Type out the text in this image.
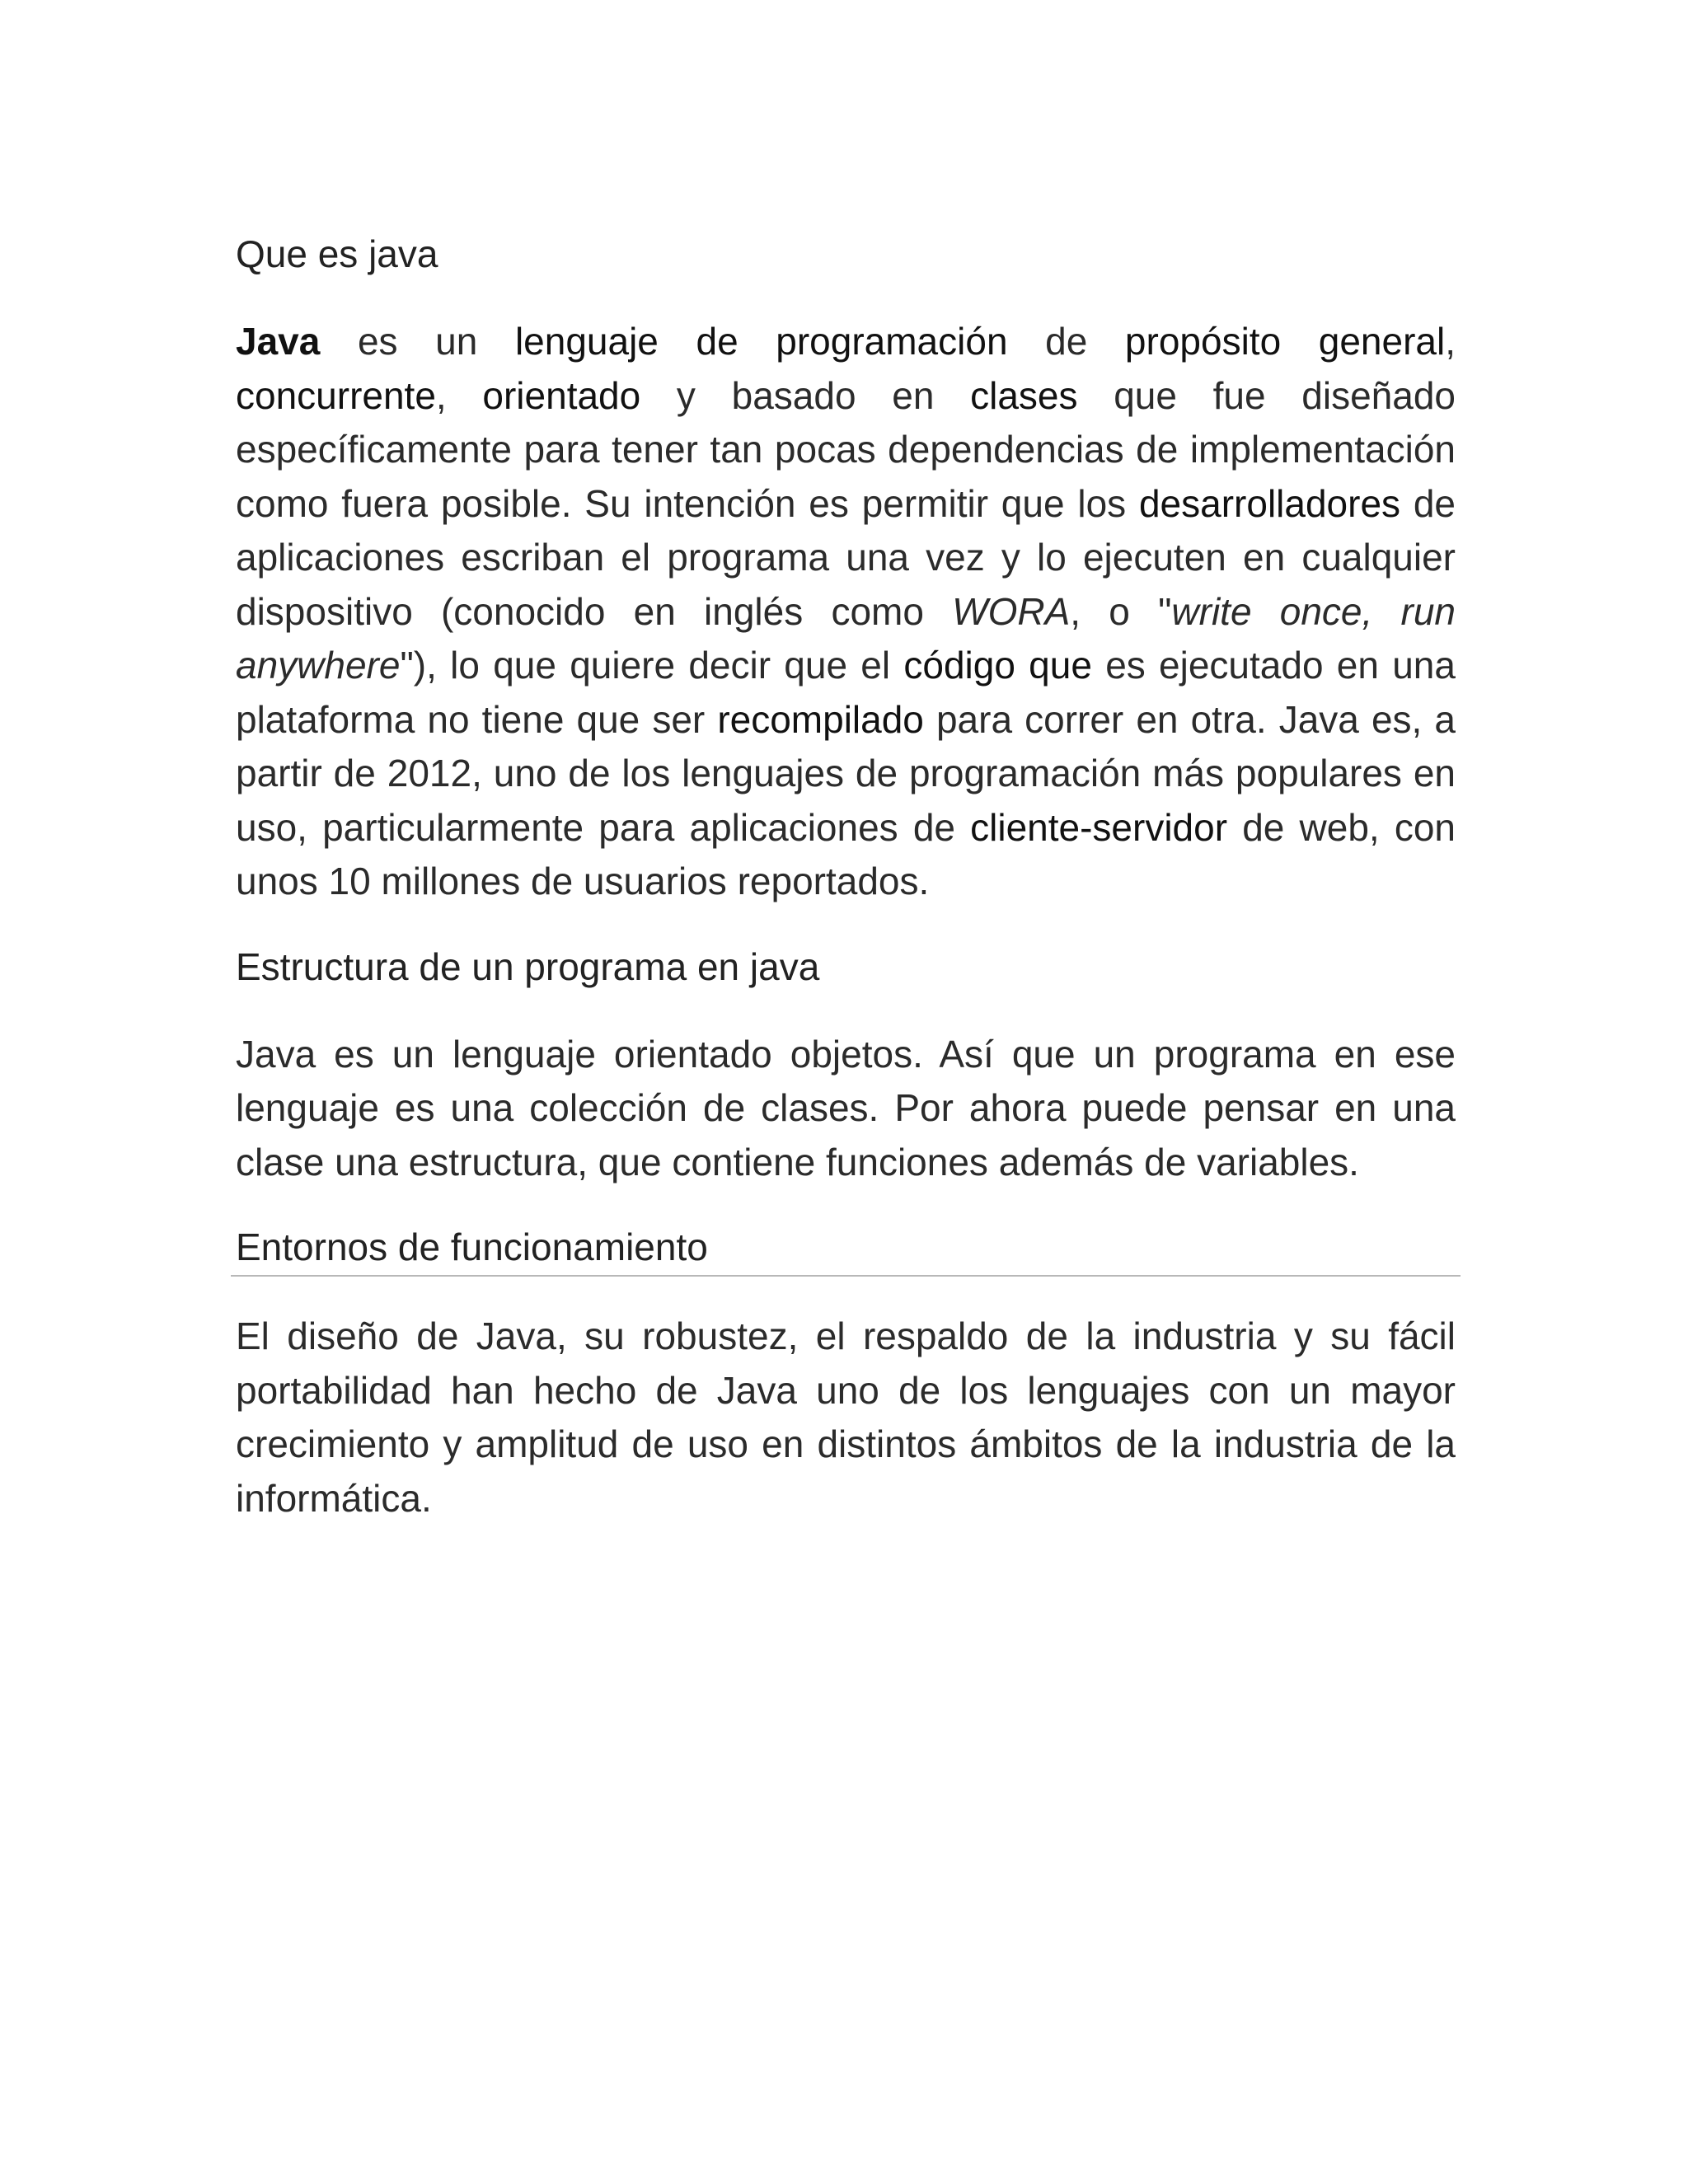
Que es java

Java es un lenguaje de programación de propósito general, concurrente, orientado y basado en clases que fue diseñado específicamente para tener tan pocas dependencias de implementación como fuera posible. Su intención es permitir que los desarrolladores de aplicaciones escriban el programa una vez y lo ejecuten en cualquier dispositivo (conocido en inglés como WORA, o "write once, run anywhere"), lo que quiere decir que el código que es ejecutado en una plataforma no tiene que ser recompilado para correr en otra. Java es, a partir de 2012, uno de los lenguajes de programación más populares en uso, particularmente para aplicaciones de cliente-servidor de web, con unos 10 millones de usuarios reportados.

Estructura de un programa en java

Java es un lenguaje orientado objetos. Así que un programa en ese lenguaje es una colección de clases. Por ahora puede pensar en una clase una estructura, que contiene funciones además de variables.

Entornos de funcionamiento

El diseño de Java, su robustez, el respaldo de la industria y su fácil portabilidad han hecho de Java uno de los lenguajes con un mayor crecimiento y amplitud de uso en distintos ámbitos de la industria de la informática.
